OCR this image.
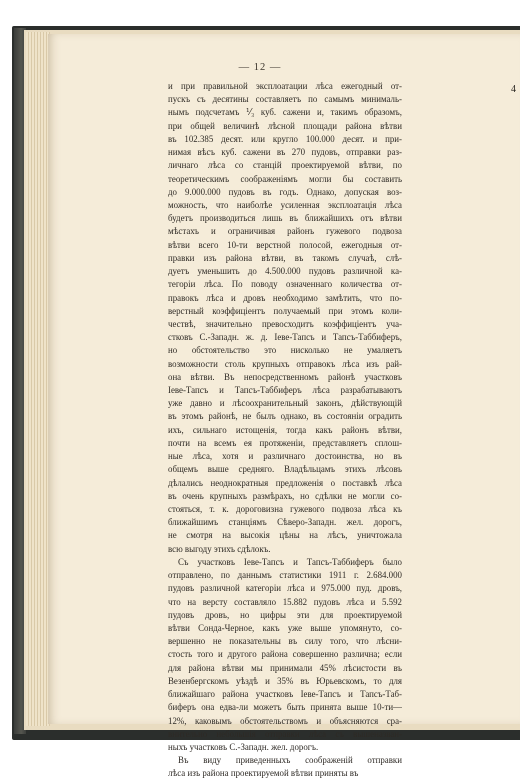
— 12 —
4
и при правильной эксплоатации лѣса ежегодный от-
пускъ съ десятины составляетъ по самымъ минималь-
нымъ подсчетамъ ⅟₃ куб. сажени и, такимъ образомъ,
при общей величинѣ лѣсной площади района вѣтви
въ 102.385 десят. или круглo 100.000 десят. и при-
нимая вѣсъ куб. сажени въ 270 пудовъ, отправки раз-
личнаго лѣса со станцій проектируемой вѣтви, по
теоретическимъ соображеніямъ могли бы составить
до 9.000.000 пудовъ въ годъ. Однако, допуская воз-
можность, что наиболѣе усиленная эксплоатація лѣса
будетъ производиться лишь въ ближайшихъ отъ вѣтви
мѣстахъ и ограничивая районъ гужевого подвоза
вѣтви всего 10-ти верстной полосой, ежегодныя от-
правки изъ района вѣтви, въ такомъ случаѣ, слѣ-
дуетъ уменьшить до 4.500.000 пудовъ различной ка-
тегоріи лѣса. По поводу означеннаго количества от-
правокъ лѣса и дровъ необходимо замѣтить, что по-
верстный коэффиціентъ получаемый при этомъ коли-
чествѣ, значительно превосходитъ коэффиціентъ уча-
стковъ С.-Западн. ж. д. Іеве-Тапсъ и Тапсъ-Таббиферъ,
но обстоятельство это нисколько не умаляетъ
возможности столь крупныхъ отправокъ лѣса изъ рай-
она вѣтви. Въ непосредственномъ районѣ участковъ
Іеве-Тапсъ и Тапсъ-Таббиферъ лѣса разрабатываютъ
уже давно и лѣсоохранительный законъ, дѣйствующій
въ этомъ районѣ, не былъ однако, въ состояніи оградить
ихъ, сильнаго истощенія, тогда какъ районъ вѣтви,
почти на всемъ ея протяженіи, представляетъ сплош-
ные лѣса, хотя и различнаго достоинства, но въ
общемъ выше средняго. Владѣльцамъ этихъ лѣсовъ
дѣлались неоднократныя предложенія о поставкѣ лѣса
въ очень крупныхъ размѣрахъ, но сдѣлки не могли со-
стояться, т. к. дороговизна гужевого подвоза лѣса къ
ближайшимъ станціямъ Сѣверо-Западн. жел. дорогъ,
не смотря на высокія цѣны на лѣсъ, уничтожала
всю выгоду этихъ сдѣлокъ.
Съ участковъ Іеве-Тапсъ и Тапсъ-Таббиферъ было
отправлено, по даннымъ статистики 1911 г. 2.684.000
пудовъ различной категоріи лѣса и 975.000 пуд. дровъ,
что на версту составляло 15.882 пудовъ лѣса и 5.592
пудовъ дровъ, но цифры эти для проектируемой
вѣтви Сонда-Черное, какъ уже выше упомянуто, со-
вершенно не показательны въ силу того, что лѣсни-
стость того и другого района совершенно различна; если
для района вѣтви мы принимали 45% лѣсистости въ
Везенбергскомъ уѣздѣ и 35% въ Юрьевскомъ, то для
ближайшаго района участковъ Іеве-Тапсъ и Тапсъ-Таб-
биферъ она едва-ли можетъ быть принята выше 10-ти—
12%, каковымъ обстоятельствомъ и объясняются сра-
внительно небольшія отправки лѣса съ вышеназван-
ныхъ участковъ С.-Западн. жел. дорогъ.
Въ виду приведенныхъ соображеній отправки
лѣса изъ района проектируемой вѣтви приняты въ
